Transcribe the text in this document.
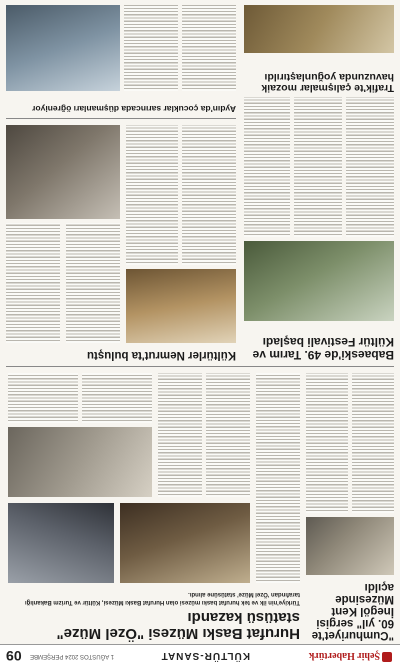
Şehir Habertürk
KÜLTÜR-SANAT
1 AĞUSTOS 2024 PERŞEMBE
09
Hurufat Baskı Müzesi "Özel Müze" statüsü kazandı
Türkiye'nin ilk ve tek hurufat baskı müzesi olan Hurufat Baskı Müzesi, Kültür ve Turizm Bakanlığı tarafından 'Özel Müze' statüsüne alındı.
"Cumhuriyet'te 60. yıl" sergisi İnegöl Kent Müzesinde açıldı
Babaeski'de 49. Tarım ve Kültür Festivali başladı
Kültürler Nemrut'ta buluştu
Trafik'te çalışmalar mozaik havuzunda yoğunlaştırıldı
Aydın'da çocuklar sarıncada düşmanları öğreniyor
